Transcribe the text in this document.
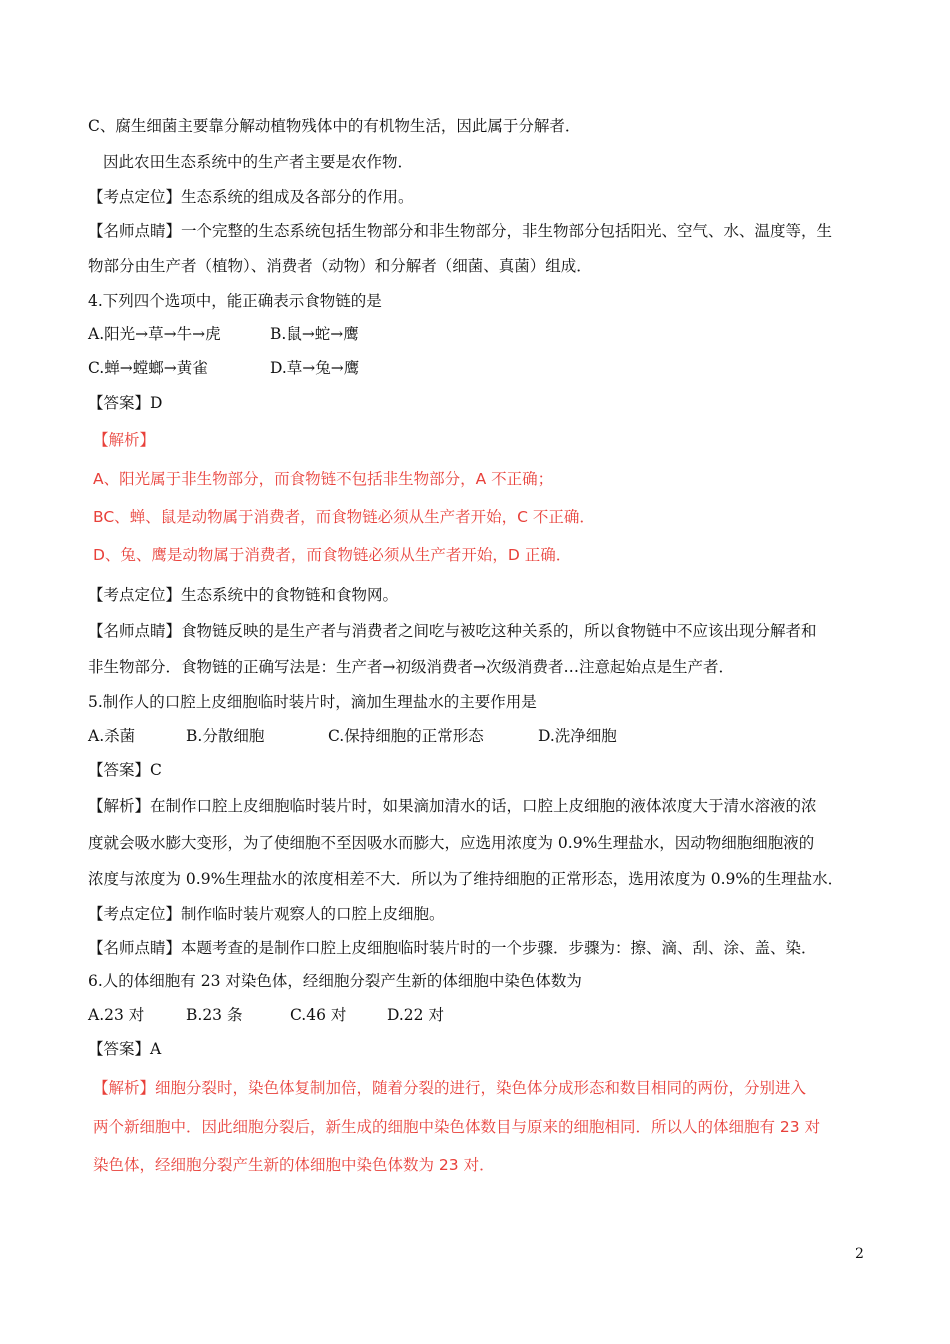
C、腐生细菌主要靠分解动植物残体中的有机物生活，因此属于分解者．
因此农田生态系统中的生产者主要是农作物．
【考点定位】生态系统的组成及各部分的作用。
【名师点睛】一个完整的生态系统包括生物部分和非生物部分，非生物部分包括阳光、空气、水、温度等，生
物部分由生产者（植物）、消费者（动物）和分解者（细菌、真菌）组成．
4.下列四个选项中，能正确表示食物链的是
A.阳光→草→牛→虎	B.鼠→蛇→鹰
C.蝉→螳螂→黄雀	D.草→兔→鹰
【答案】D
【解析】
A、阳光属于非生物部分，而食物链不包括非生物部分，A 不正确；
BC、蝉、鼠是动物属于消费者，而食物链必须从生产者开始，C 不正确．
D、兔、鹰是动物属于消费者，而食物链必须从生产者开始，D 正确．
【考点定位】生态系统中的食物链和食物网。
【名师点睛】食物链反映的是生产者与消费者之间吃与被吃这种关系的，所以食物链中不应该出现分解者和
非生物部分．食物链的正确写法是：生产者→初级消费者→次级消费者…注意起始点是生产者．
5.制作人的口腔上皮细胞临时装片时，滴加生理盐水的主要作用是
A.杀菌	B.分散细胞	C.保持细胞的正常形态	D.洗净细胞
【答案】C
【解析】在制作口腔上皮细胞临时装片时，如果滴加清水的话，口腔上皮细胞的液体浓度大于清水溶液的浓
度就会吸水膨大变形，为了使细胞不至因吸水而膨大，应选用浓度为 0.9%生理盐水，因动物细胞细胞液的
浓度与浓度为 0.9%生理盐水的浓度相差不大．所以为了维持细胞的正常形态，选用浓度为 0.9%的生理盐水．
【考点定位】制作临时装片观察人的口腔上皮细胞。
【名师点睛】本题考查的是制作口腔上皮细胞临时装片时的一个步骤．步骤为：擦、滴、刮、涂、盖、染．
6.人的体细胞有 23 对染色体，经细胞分裂产生新的体细胞中染色体数为
A.23 对	B.23 条	C.46 对	D.22 对
【答案】A
【解析】细胞分裂时，染色体复制加倍，随着分裂的进行，染色体分成形态和数目相同的两份，分别进入
两个新细胞中．因此细胞分裂后，新生成的细胞中染色体数目与原来的细胞相同．所以人的体细胞有 23 对
染色体，经细胞分裂产生新的体细胞中染色体数为 23 对．
2
